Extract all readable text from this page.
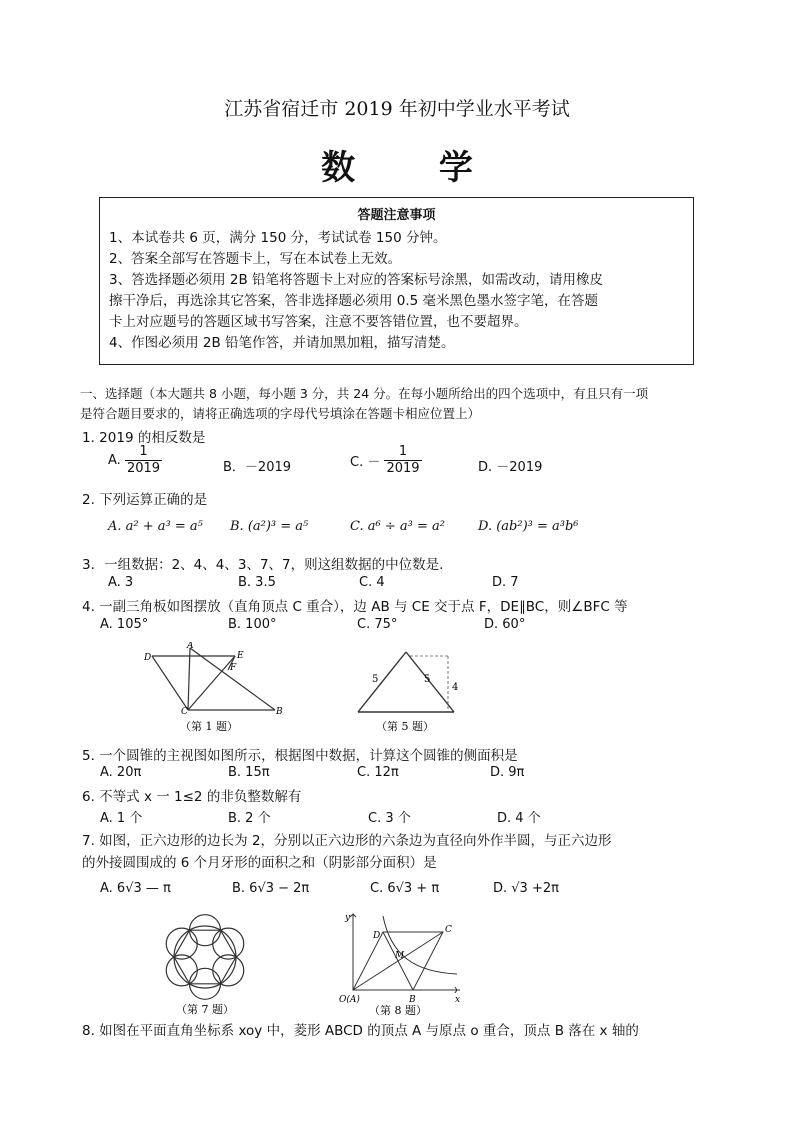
江苏省宿迁市 2019 年初中学业水平考试
数 学
答题注意事项
1、本试卷共 6 页，满分 150 分，考试试卷 150 分钟。
2、答案全部写在答题卡上，写在本试卷上无效。
3、答选择题必须用 2B 铅笔将答题卡上对应的答案标号涂黑，如需改动，请用橡皮
擦干净后，再选涂其它答案，答非选择题必须用 0.5 毫米黑色墨水签字笔，在答题
卡上对应题号的答题区域书写答案，注意不要答错位置，也不要超界。
4、作图必须用 2B 铅笔作答，并请加黑加粗，描写清楚。
一、选择题（本大题共 8 小题，每小题 3 分，共 24 分。在每小题所给出的四个选项中，有且只有一项
是符合题目要求的，请将正确选项的字母代号填涂在答题卡相应位置上）
1. 2019 的相反数是
A. $\frac{1}{2019}$	B．－2019	C. － $\frac{1}{2019}$	D. －2019
2. 下列运算正确的是
A. a² + a³ = a⁵ B. (a²)³ = a⁵	C. a⁶ ÷ a³ = a²	D. (ab²)³ = a³b⁶
3．一组数据：2、4、4、3、7、7，则这组数据的中位数是.
A. 3	B. 3.5	C. 4	D. 7
4. 一副三角板如图摆放（直角顶点 C 重合），边 AB 与 CE 交于点 F，DE∥BC，则∠BFC 等
A. 105°	B. 100°	C. 75°	D. 60°
D
A
E
F
C	B
（第 1 题）
5	5
4
（第 5 题）
5. 一个圆锥的主视图如图所示，根据图中数据，计算这个圆锥的侧面积是
A. 20π	B. 15π	C. 12π	D. 9π
6. 不等式 x 一 1≤2 的非负整数解有
A. 1 个	B. 2 个	C. 3 个	D. 4 个
7. 如图，正六边形的边长为 2，分别以正六边形的六条边为直径向外作半圆，与正六边形
的外接圆围成的 6 个月牙形的面积之和（阴影部分面积）是
A. 6√3 — π	B. 6√3 − 2π	C. 6√3 + π	D. √3 +2π
（第 7 题）
y
D
C
M
O(A)	B	x
（第 8 题）
8. 如图在平面直角坐标系 xoy 中，菱形 ABCD 的顶点 A 与原点 o 重合，顶点 B 落在 x 轴的
